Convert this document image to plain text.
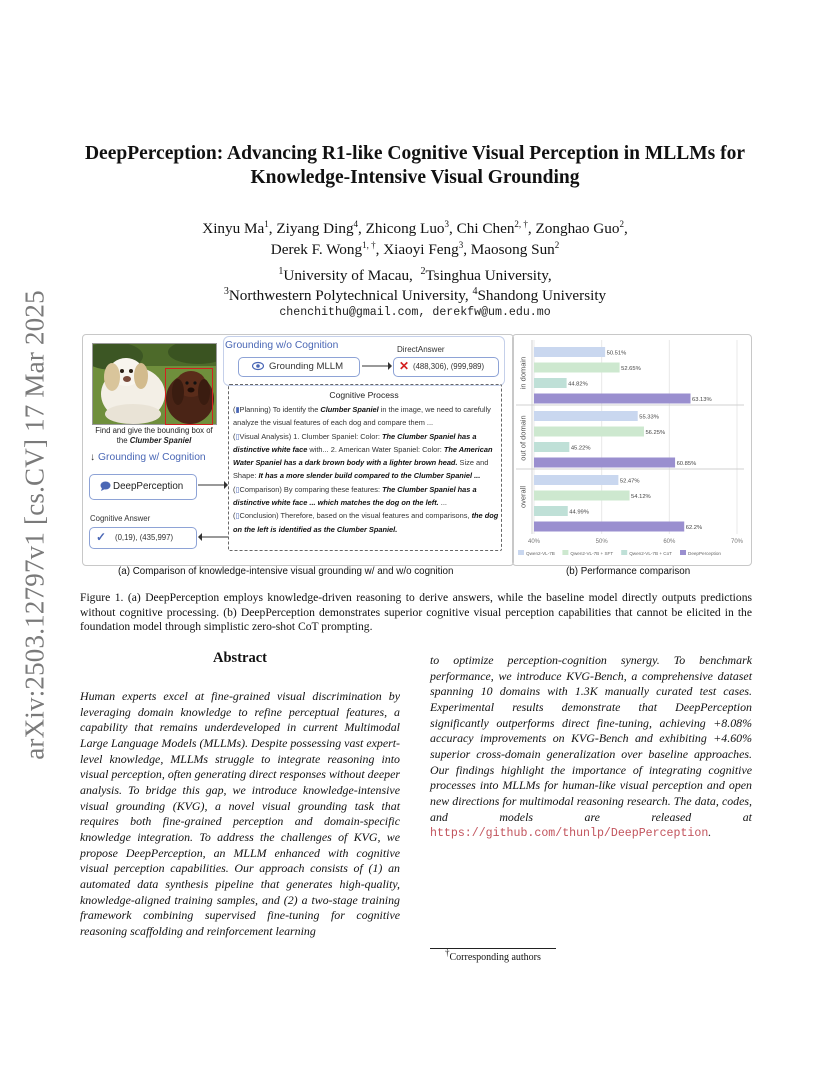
arXiv:2503.12797v1 [cs.CV] 17 Mar 2025
DeepPerception: Advancing R1-like Cognitive Visual Perception in MLLMs for Knowledge-Intensive Visual Grounding
Xinyu Ma$^1$, Ziyang Ding$^4$, Zhicong Luo$^3$, Chi Chen$^{2, \dagger}$, Zonghao Guo$^2$,
Derek F. Wong$^{1, \dagger}$, Xiaoyi Feng$^3$, Maosong Sun$^2$
$^1$University of Macau, $^2$Tsinghua University,
$^3$Northwestern Polytechnical University, $^4$Shandong University
chenchithu@gmail.com, derekfw@um.edu.mo
Find and give the bounding box of
the Clumber Spaniel
Grounding w/o Cognition
Grounding MLLM
DirectAnswer
✕ (488,306), (999,989)
↓ Grounding w/ Cognition
DeepPerception
Cognitive Answer
✓ (0,19), (435,997)
Cognitive Process
(▮Planning) To identify the Clumber Spaniel in the image, we need to carefully analyze the visual features of each dog and compare them ...
(▯Visual Analysis) 1. Clumber Spaniel: Color: The Clumber Spaniel has a distinctive white face with... 2. American Water Spaniel: Color: The American Water Spaniel has a dark brown body with a lighter brown head. Size and Shape: It has a more slender build compared to the Clumber Spaniel ...
(▯Comparison) By comparing these features: The Clumber Spaniel has a distinctive white face ... which matches the dog on the left. ...
(▯Conclusion) Therefore, based on the visual features and comparisons, the dog on the left is identified as the Clumber Spaniel.
(a) Comparison of knowledge-intensive visual grounding w/ and w/o cognition
in domain
out of domain
overall
40%	50%	60%	70%
50.51%
55.33%
52.47%
52.65%
56.25%
54.12%
44.82%
45.22%
44.99%
63.13%
60.85%
62.2%
Qwen2-VL-7B	Qwen2-VL-7B + SFT	Qwen2-VL-7B + CoT	DeepPerception
(b) Performance comparison
Figure 1. (a) DeepPerception employs knowledge-driven reasoning to derive answers, while the baseline model directly outputs predictions without cognitive processing. (b) DeepPerception demonstrates superior cognitive visual perception capabilities that cannot be elicited in the foundation model through simplistic zero-shot CoT prompting.
Abstract
Human experts excel at fine-grained visual discrimination by leveraging domain knowledge to refine perceptual features, a capability that remains underdeveloped in current Multimodal Large Language Models (MLLMs). Despite possessing vast expert-level knowledge, MLLMs struggle to integrate reasoning into visual perception, often generating direct responses without deeper analysis. To bridge this gap, we introduce knowledge-intensive visual grounding (KVG), a novel visual grounding task that requires both fine-grained perception and domain-specific knowledge integration. To address the challenges of KVG, we propose DeepPerception, an MLLM enhanced with cognitive visual perception capabilities. Our approach consists of (1) an automated data synthesis pipeline that generates high-quality, knowledge-aligned training samples, and (2) a two-stage training framework combining supervised fine-tuning for cognitive reasoning scaffolding and reinforcement learning
to optimize perception-cognition synergy. To benchmark performance, we introduce KVG-Bench, a comprehensive dataset spanning 10 domains with 1.3K manually curated test cases. Experimental results demonstrate that DeepPerception significantly outperforms direct fine-tuning, achieving +8.08% accuracy improvements on KVG-Bench and exhibiting +4.60% superior cross-domain generalization over baseline approaches. Our findings highlight the importance of integrating cognitive processes into MLLMs for human-like visual perception and open new directions for multimodal reasoning research. The data, codes, and models are released at https://github.com/thunlp/DeepPerception.
†Corresponding authors
